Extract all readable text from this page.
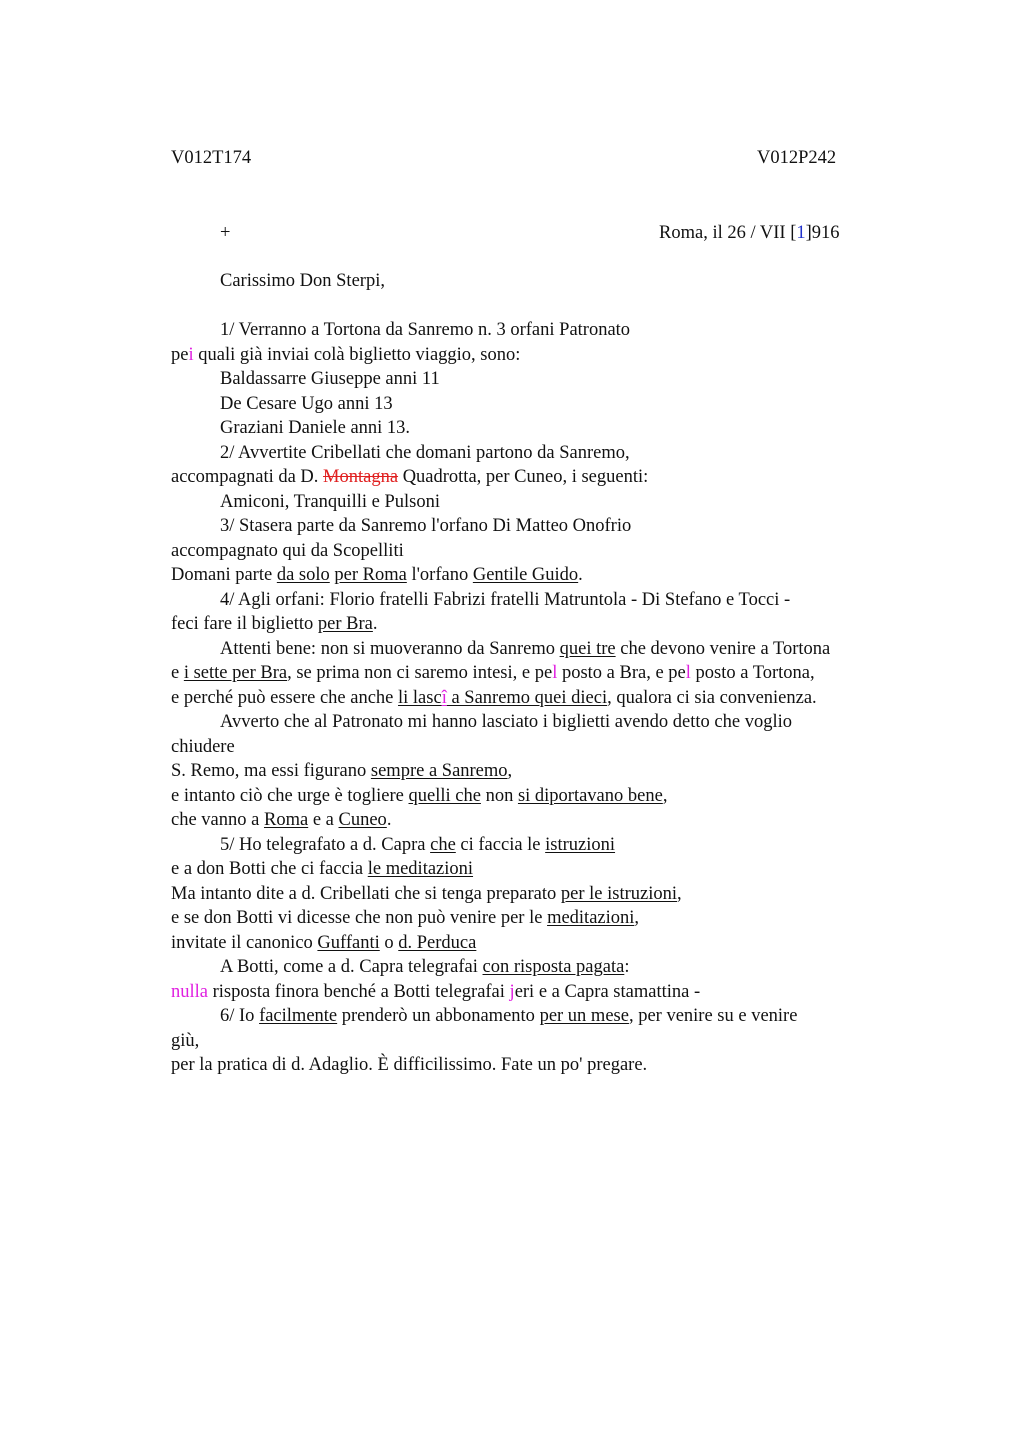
V012T174	V012P242
+	Roma, il 26 / VII [1]916
Carissimo Don Sterpi,
1/ Verranno a Tortona da Sanremo n. 3 orfani Patronato
pei quali già inviai colà biglietto viaggio, sono:
Baldassarre Giuseppe anni 11
De Cesare Ugo anni 13
Graziani Daniele anni 13.
2/ Avvertite Cribellati che domani partono da Sanremo,
accompagnati da D. Montagna Quadrotta, per Cuneo, i seguenti:
Amiconi, Tranquilli e Pulsoni
3/ Stasera parte da Sanremo l'orfano Di Matteo Onofrio
accompagnato qui da Scopelliti
Domani parte da solo per Roma l'orfano Gentile Guido.
4/ Agli orfani: Florio fratelli Fabrizi fratelli Matruntola - Di Stefano e Tocci -
feci fare il biglietto per Bra.
Attenti bene: non si muoveranno da Sanremo quei tre che devono venire a Tortona
e i sette per Bra, se prima non ci saremo intesi, e pel posto a Bra, e pel posto a Tortona,
e perché può essere che anche li lascî a Sanremo quei dieci, qualora ci sia convenienza.
Avverto che al Patronato mi hanno lasciato i biglietti avendo detto che voglio
chiudere
S. Remo, ma essi figurano sempre a Sanremo,
e intanto ciò che urge è togliere quelli che non si diportavano bene,
che vanno a Roma e a Cuneo.
5/ Ho telegrafato a d. Capra che ci faccia le istruzioni
e a don Botti che ci faccia le meditazioni
Ma intanto dite a d. Cribellati che si tenga preparato per le istruzioni,
e se don Botti vi dicesse che non può venire per le meditazioni,
invitate il canonico Guffanti o d. Perduca
A Botti, come a d. Capra telegrafai con risposta pagata:
nulla risposta finora benché a Botti telegrafai jeri e a Capra stamattina -
6/ Io facilmente prenderò un abbonamento per un mese, per venire su e venire
giù,
per la pratica di d. Adaglio. È difficilissimo. Fate un po' pregare.
